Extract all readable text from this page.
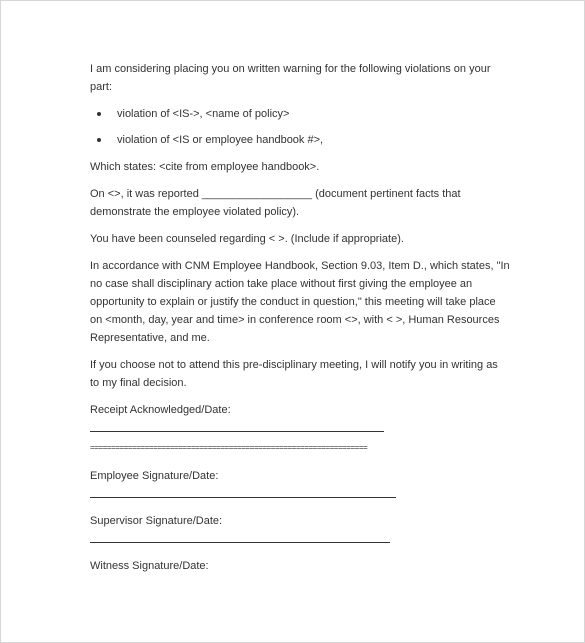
I am considering placing you on written warning for the following violations on your part:

violation of <IS->, <name of policy>
violation of <IS or employee handbook #>,

Which states: <cite from employee handbook>.

On <>, it was reported __________________ (document pertinent facts that demonstrate the employee violated policy).

You have been counseled regarding < >. (Include if appropriate).

In accordance with CNM Employee Handbook, Section 9.03, Item D., which states, "In no case shall disciplinary action take place without first giving the employee an opportunity to explain or justify the conduct in question," this meeting will take place on <month, day, year and time> in conference room <>, with < >, Human Resources Representative, and me.

If you choose not to attend this pre-disciplinary meeting, I will notify you in writing as to my final decision.

Receipt Acknowledged/Date:

==================================================================

Employee Signature/Date:

Supervisor Signature/Date:

Witness Signature/Date:
